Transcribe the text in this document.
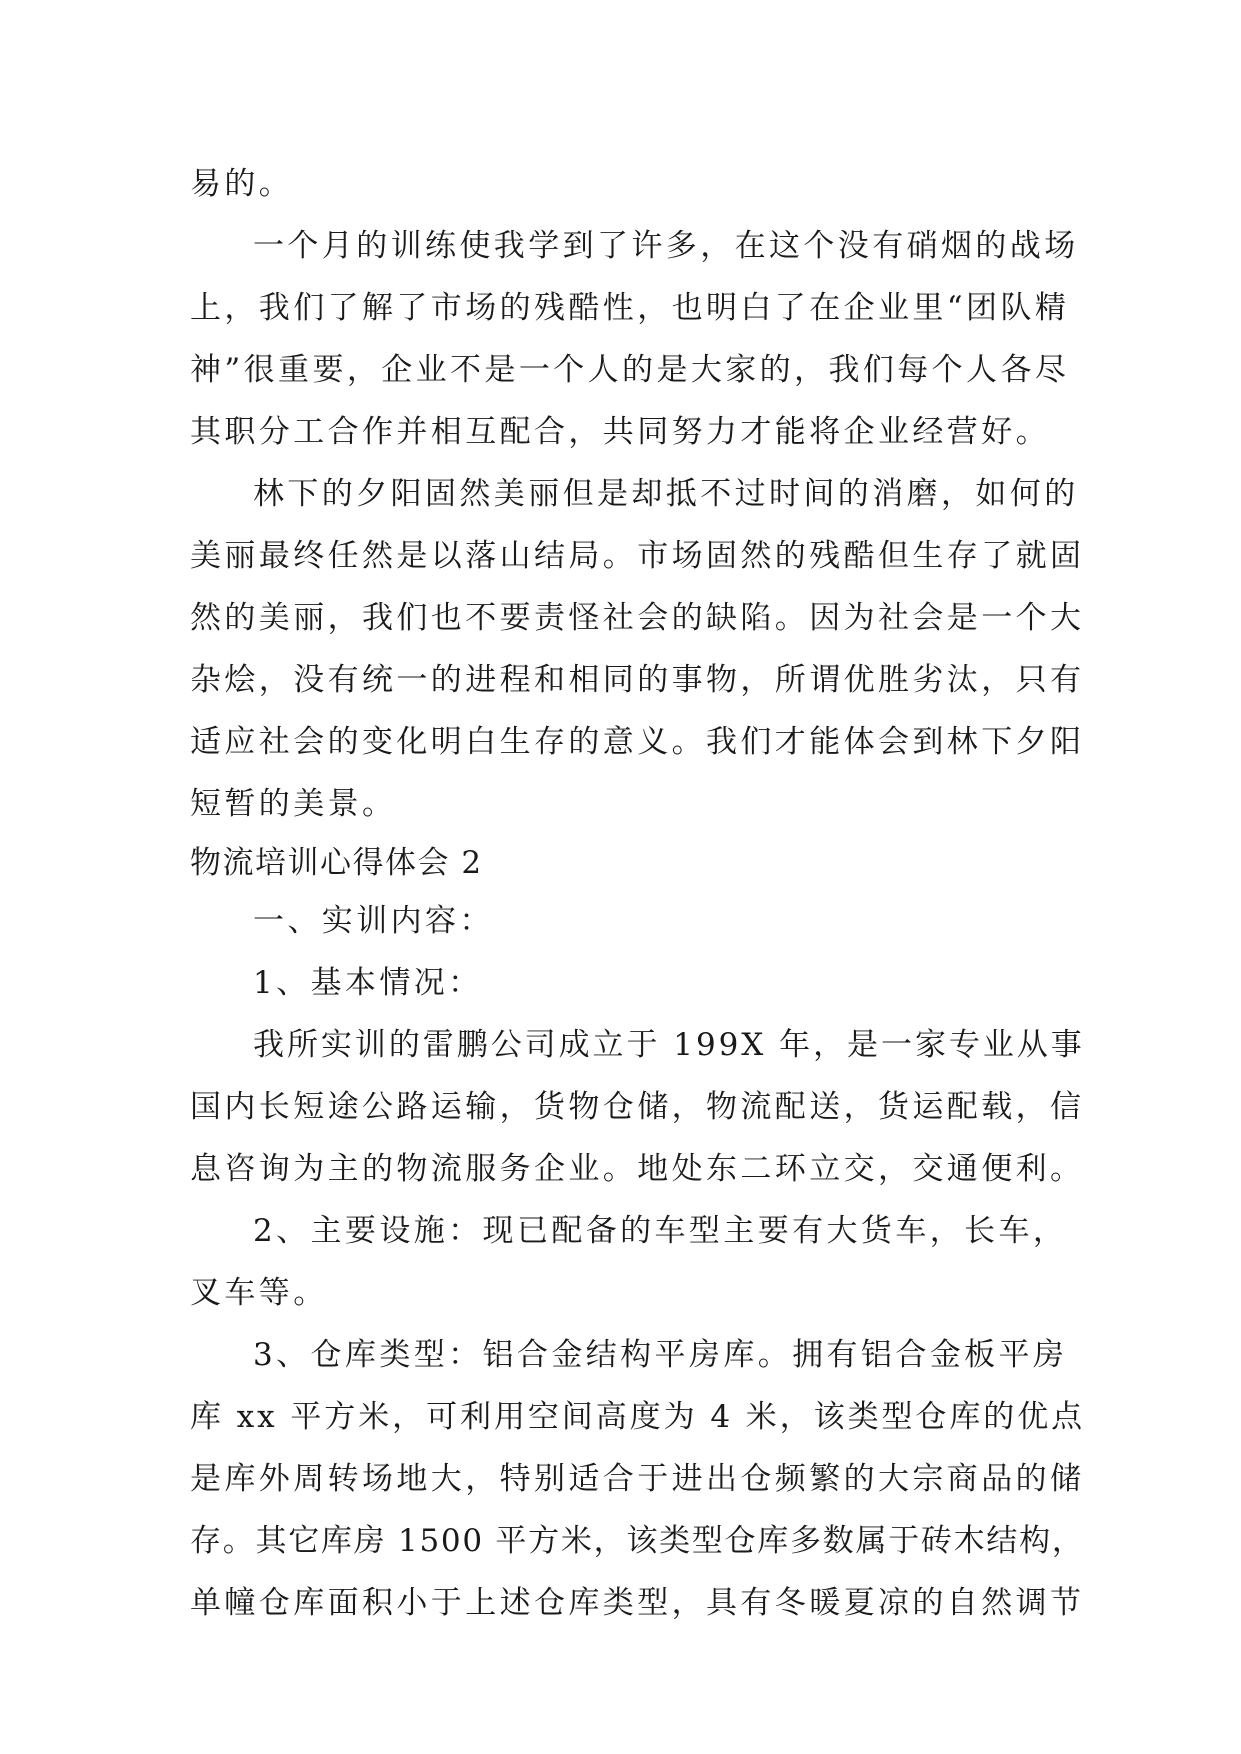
易的。

一个月的训练使我学到了许多，在这个没有硝烟的战场

上，我们了解了市场的残酷性，也明白了在企业里“团队精

神”很重要，企业不是一个人的是大家的，我们每个人各尽

其职分工合作并相互配合，共同努力才能将企业经营好。

林下的夕阳固然美丽但是却抵不过时间的消磨，如何的

美丽最终任然是以落山结局。市场固然的残酷但生存了就固

然的美丽，我们也不要责怪社会的缺陷。因为社会是一个大

杂烩，没有统一的进程和相同的事物，所谓优胜劣汰，只有

适应社会的变化明白生存的意义。我们才能体会到林下夕阳

短暂的美景。

物流培训心得体会 2

一、实训内容：

1、基本情况：

我所实训的雷鹏公司成立于 199X 年，是一家专业从事

国内长短途公路运输，货物仓储，物流配送，货运配载，信

息咨询为主的物流服务企业。地处东二环立交，交通便利。

2、主要设施：现已配备的车型主要有大货车，长车，

叉车等。

3、仓库类型：铝合金结构平房库。拥有铝合金板平房

库 xx 平方米，可利用空间高度为 4 米，该类型仓库的优点

是库外周转场地大，特别适合于进出仓频繁的大宗商品的储

存。其它库房 1500 平方米，该类型仓库多数属于砖木结构，

单幢仓库面积小于上述仓库类型，具有冬暖夏凉的自然调节
